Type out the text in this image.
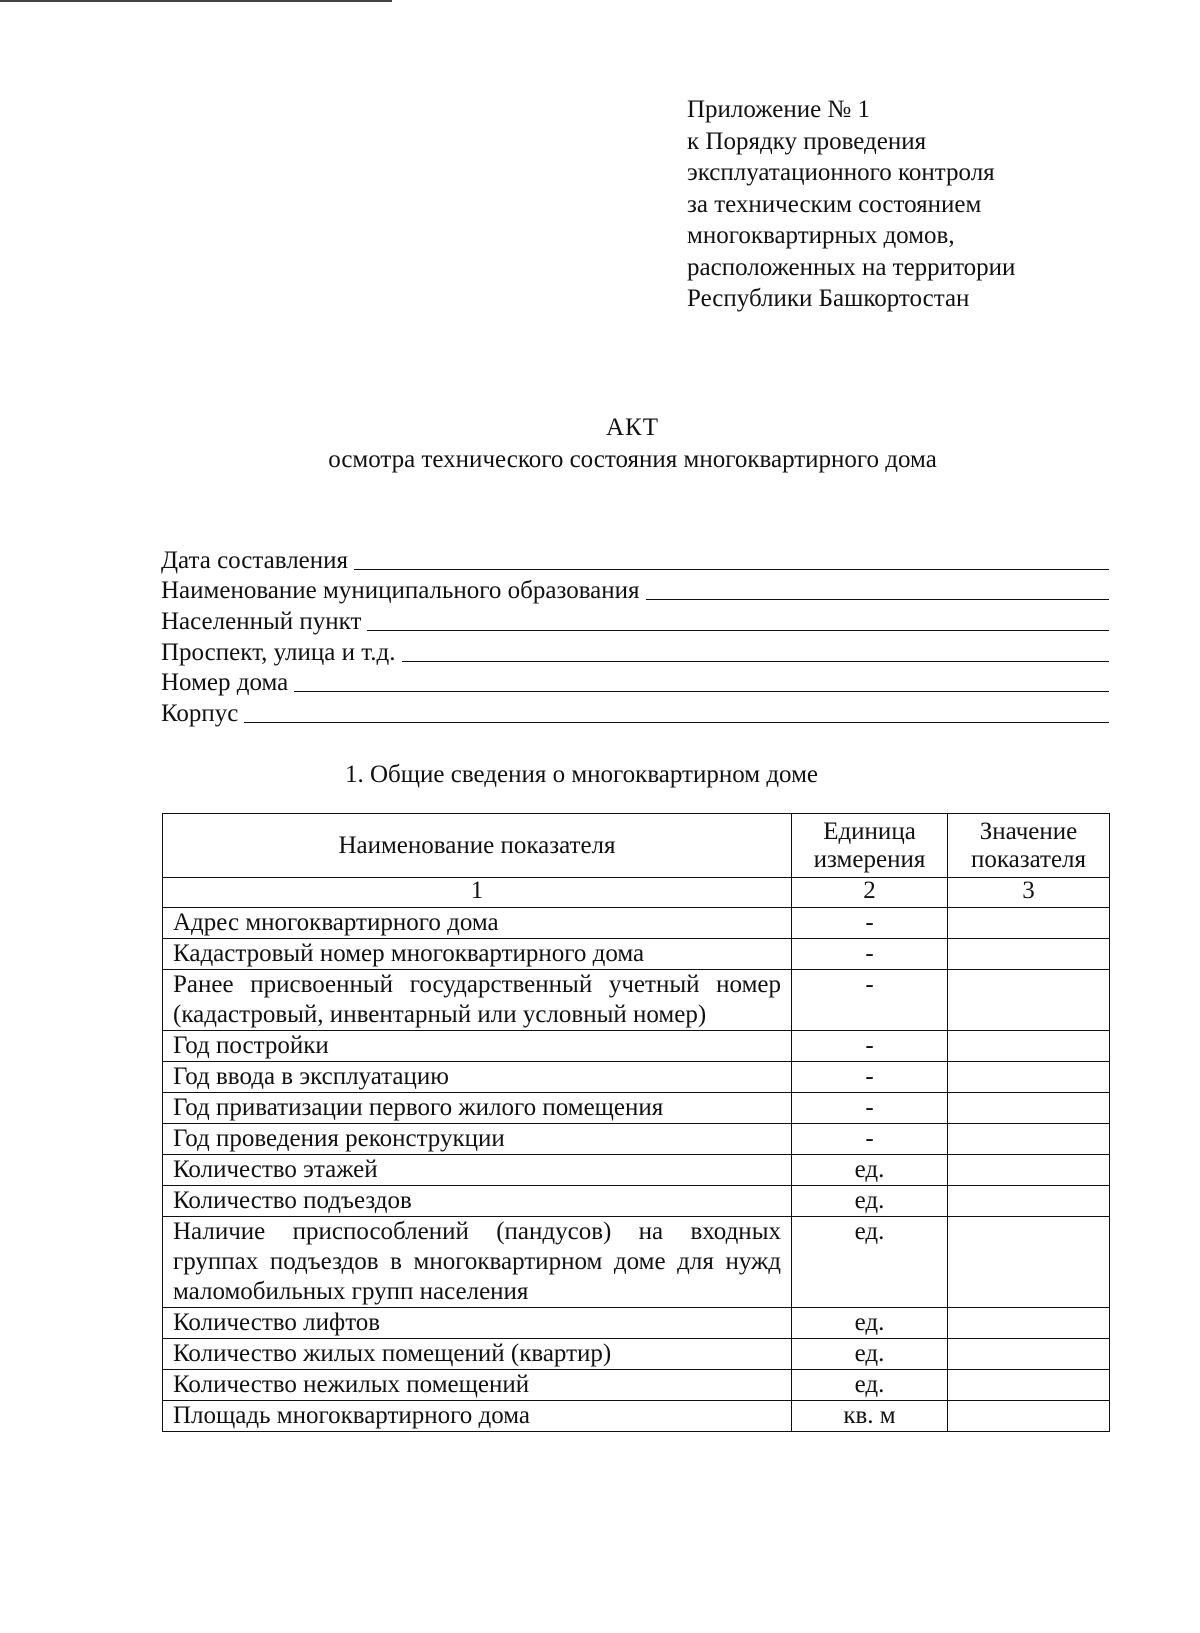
Приложение № 1
к Порядку проведения
эксплуатационного контроля
за техническим состоянием
многоквартирных домов,
расположенных на территории
Республики Башкортостан
АКТ
осмотра технического состояния многоквартирного дома
Дата составления
Наименование муниципального образования
Населенный пункт
Проспект, улица и т.д.
Номер дома
Корпус
1. Общие сведения о многоквартирном доме
Наименование показателя	Единица измерения	Значение показателя
1	2	3
Адрес многоквартирного дома	-	
Кадастровый номер многоквартирного дома	-	
Ранее присвоенный государственный учетный номер (кадастровый, инвентарный или условный номер)	-	
Год постройки	-	
Год ввода в эксплуатацию	-	
Год приватизации первого жилого помещения	-	
Год проведения реконструкции	-	
Количество этажей	ед.	
Количество подъездов	ед.	
Наличие приспособлений (пандусов) на входных группах подъездов в многоквартирном доме для нужд маломобильных групп населения	ед.	
Количество лифтов	ед.	
Количество жилых помещений (квартир)	ед.	
Количество нежилых помещений	ед.	
Площадь многоквартирного дома	кв. м	
